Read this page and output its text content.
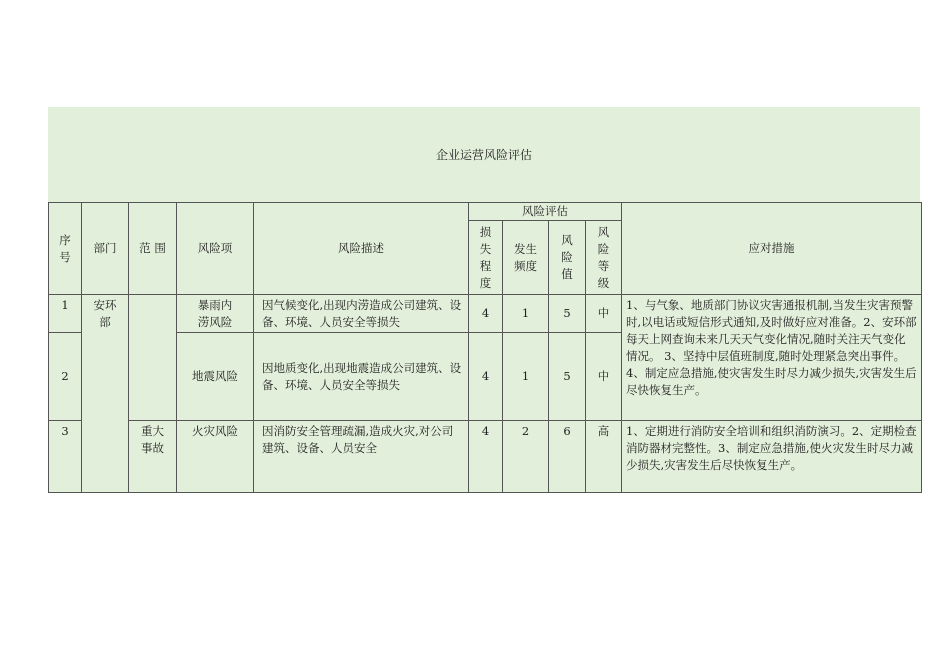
企业运营风险评估
序号	部门	范 围	风险项	风险描述	风险评估				应对措施

					损失程度	发生频度	风险值	风险等级	

1	安环部		暴雨内涝风险	因气候变化,出现内涝造成公司建筑、设备、环境、人员安全等损失	4	1	5	中	1、与气象、地质部门协议灾害通报机制,当发生灾害预警时,以电话或短信形式通知,及时做好应对准备。2、安环部每天上网查询未来几天天气变化情况,随时关注天气变化情况。 3、坚持中层值班制度,随时处理紧急突出事件。 4、制定应急措施,使灾害发生时尽力减少损失,灾害发生后尽快恢复生产。
2			地震风险	因地质变化,出现地震造成公司建筑、设备、环境、人员安全等损失	4	1	5	中	
3		重大事故	火灾风险	因消防安全管理疏漏,造成火灾,对公司建筑、设备、人员安全	4	2	6	高	1、定期进行消防安全培训和组织消防演习。2、定期检查消防器材完整性。3、制定应急措施,使火灾发生时尽力减少损失,灾害发生后尽快恢复生产。
